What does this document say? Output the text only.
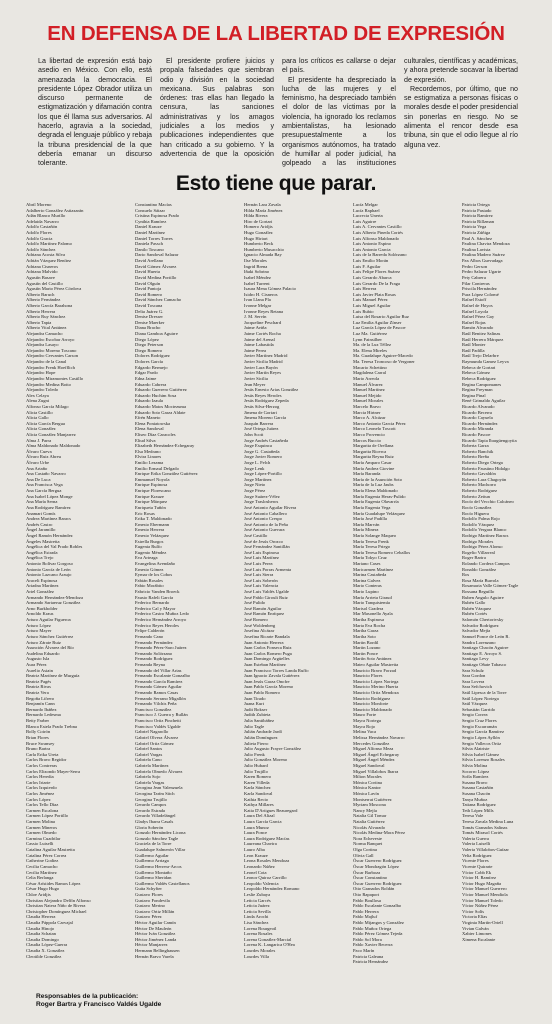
EN DEFENSA DE LA LIBERTAD DE EXPRESIÓN

La libertad de expresión está bajo asedio en México. Con ello, está amenazada la democracia. El presidente López Obrador utiliza un discurso permanente de estigmatización y difamación contra los que él llama sus adversarios. Al hacerlo, agravia a la sociedad, degrada el lenguaje público y rebaja la tribuna presidencial de la que debería emanar un discurso tolerante.

El presidente profiere juicios y propala falsedades que siembran odio y división en la sociedad mexicana. Sus palabras son órdenes: tras ellas han llegado la censura, las sanciones administrativas y los amagos judiciales a los medios y publicaciones independientes que han criticado a su gobierno. Y la advertencia de que la oposición para los críticos es callarse o dejar el país.

El presidente ha despreciado la lucha de las mujeres y el feminismo, ha despreciado también el dolor de las víctimas por la violencia, ha ignorado los reclamos ambientalistas, ha lesionado presupuestalmente a los organismos autónomos, ha tratado de humillar al poder judicial, ha golpeado a las instituciones culturales, científicas y académicas, y ahora pretende socavar la libertad de expresión.

Recordemos, por último, que no se estigmatiza a personas físicas o morales desde el poder presidencial sin ponerlas en riesgo. No se alimenta el rencor desde esa tribuna, sin que el odio llegue al río alguna vez.

Esto tiene que parar.
Abril Moreno
Adalberto González Astiazarán
Adán Blanco Murillo
Adelaida Navarro
Adolfo Castañón
Adolfo Flores
Adolfo Gracia
Adolfo Martínez Palomo
Adolfo Sánchez
Adriana Acosta Silva
Adrián Vázquez Benítez
Adriana Cisneros
Adriana Malvido
Agustín Basave
Agustín del Castillo
Agustín Mario Pérez Córdova
Alberto Baruch
Alberto Fernández
Alberto García Barahona
Alberto Herrera
Alberto Ruy Sánchez
Alberto Tapia
Alberto Vital Antúnez
Alejandra Camacho
Alejandro Escobar Arroyo
Alejandra Lasayo
Alejandro Moreno Toscano
Alejandro Cervantes Carson
Alejandro de la Canal
Alejandro Frenk Hoefflich
Alejandro Hope
Alejandro Miramontes Castillo
Alejandro Medina Botto
Alejandro Toledo
Alex Celaya
Alena Zugni
Alfonso García Milago
Alicia Castillo
Alicia Gallo
Alicia García Bergua
Alicia González
Alicia González Manjarrez
Alma J. Parra
Alma Maldonado Maldonado
Álvaro Cueva
Álvaro Ruiz Abreu
Álvaro Urbe
Ana Artaño
Ana Castaño Navarro
Ana De Luca
Ana Francisca Vega
Ana García Bergua
Ana Isabel López Monge
Ana María Serna
Ana Rodríguez Ramírez
Anamari Gomís
Andrea Martínez Baracs
Andrés Castro
Ángel Jaramillo
Ángel Ramón Hernández
Ángeles Mastretta
Angélica del Val Prado Robles
Angélica Estrada
Angélica Trejo
Antonio Bolívar Gorgoso
Antonio García de León
Antonio Lazcano Araujo
Araceli Espinosa
Ariadna Martínez
Ariel González
Armando Hernández-Mendoza
Armando Sartaeruz González
Arno Burkholder
Arnoldo Kraus
Arturo Aguilar Figueroa
Arturo López
Arturo Mayer
Arturo Sánchez Gutiérrez
Arturo Zárate Ruiz
Asunción Álvarez del Río
Audelina Eduardo
Augusto Isla
Aura Pérez
Aurelio Asiain
Beatriz Martínez de Murguía
Beatriz Pagés
Beatriz Rivas
Beatriz Vera
Begoña Lifrero
Benjamín Cann
Bernardo Ibáñez
Bernardo Ledesma
Betty Farber
Blanca Estela Prado Trebna
Bolly Coirón
Brian Flores
Bruce Swansey
Bruno Bartra
Carla Erika Ureta
Carlos Bravo Regidor
Carlos Contreras
Carlos Elizondo Mayer-Serra
Carlos Heredia
Carlos Iriarte
Carlos Izquierdo
Carlos Jiménez
Carlos López
Carlos Tello Díaz
Carmen Escalona
Carmen López Portillo
Carmen Molina
Carmen Mineros
Carmen Olmedo
Carmina Cuadrilar
Cassio Luiselli
Catalina Aguilar Mastretta
Catalina Pérez Correa
Catherine Godiez
Cecilia Camacho
Cecilia Martínez
Celia Berlanga
César Arístides Ramos López
César Hugo Hugo
Chloe Aridjis
Christian Alejandro Delfín Alfonso
Christian Natera Niño de Rivera
Christopher Domínguez Michael
Claudia Herrera
Claudia Páppola Carvajal
Claudia Hinojo
Claudia Schatan
Claudia Domingo
Claudia López-Guerra
Claudia X. González
Cleotilde González
Constantino Macías
Consuelo Sáizar
Cristina Espinosa Prado
Cynthia Ramírez
Daniel Krauze
Daniel Martínez
Daniel Torres Torres
Daniela Passch
Danilo Toscano
Dario Sandoval Salazar
David Arellano
David Gómez Álvarez
David Huerta
David Medina Portillo
David Olguín
David Pantoja
David Romero
David Sánchez Camacho
David Toscana
Delia Juárez G.
Denise Dresser
Denise Maerker
Diana Bracho
Diana Gamboa Aguirre
Diego López
Diego Peterson
Diego Romero
Dolores Rodríguez
Dolores García
Edgardo Bermejo
Edgar Pardo
Edna Jaime
Eduardo Cabrera
Eduardo Guerrero Gutiérrez
Eduardo Huchim Sosa
Eduardo Izaula
Eduardo Matos Moctezuma
Eduardo Soto Garza Aldate
Efrén Maneto
Elena Poniatowska
Elena Sandoval
Eliseo Díaz Caracoles
Eliud Silva
Elizabeth Hernández-Echegaray
Elsa Medrano
Elvira Linares
Emilio Lezama
Emilio Ermaul Delgado
Enrique Erika González Gutiérrez
Emmanuel Noyola
Enrique Espinosa
Enrique Florescano
Enrique Krauze
Enrique Márquez
Enriqueta Tuñón
Eric Rosas
Erika T. Maldonado
Ernesto Ebermann
Ernesto Herrera
Ernesto Velázquez
Estrella Burgos
Eugenia Rulfo
Eugenio Méndez
Eva Arteaga
Evangelina Avendaño
Ernesto Gómez
Eymar de los Cobos
Fabián Rosales
Fabio Morábito
Fabricio Vanden Broeck
Fausto Rafeli García
Federico Bernardo
Federico Cal y Mayor
Federico Castro Muñoz Ledo
Federico Hernández Arroyo
Federico Reyes Heroles
Felipe Calderón
Fernando Cano
Fernando Fernández
Fernando Pérez-Saro Juárez
Fernando Solórzano
Fernando Rodríguez
Fernanda Reyna
Fernando del Villar Arias
Fernando Escalante Gonzalbo
Fernando García Ramírez
Fernando Gómez Aguilar
Fernando Ramos Casas
Fernando Serrano Migallón
Fernando Vilchis Peña
Francisco González
Francisco J. Guerra y Rullán
Francisco Ortiz Pinchetti
Francisco Valdés Ugalde
Gabriel Nagarollo
Gabriel Olvera Álvarez
Gabriel Ortiz Gómez
Gabriel Santos
Gabriel Vargas
Gabriela Cano
Gabriela Martínez
Gabriela Olmedo Álvarez
Gabriela Sojo
Gabriela Vargas
Georgina Jean Valenzuela
Georgina Tarím Sitch
Georgina Trujillo
Gerardo Campos
Gerardo Estrada
Gerardo Villadelángel
Gladys Ibarra Casals
Gloria Soberón
Gonzalo Hernández Licona
Gonzalo Sánchez Tagle
Graciela de la Torre
Guadalupe Salmerón Villar
Guillermo Aguilar
Guillermo Arriaga
Guillermo Herrera-Arcos
Guillermo Montaño
Guillermo Sheridan
Guillermo Valdés Castellanos
Guita Schyfter
Gustavo Flores
Gustavo Fondevila
Gustavo Merino
Gustavo Ortiz Millán
Gustavo Pérez
Héctor Aguilar Camín
Héctor De Mauleón
Héctor Iván González
Héctor Jiménez Landa
Héctor Manjarrez
Hermann Bellinghausen
Hernán Bravo Varela
Hernán Lara Zavala
Hilda María Jiménez
Hilda Rivera
Hiro de Gortari
Homero Aridjis
Hugo González
Hugo Hiriart
Humberto Beck
Humberto Musacchio
Ignacio Almada Bay
Ilse Morales
Ingrid Brena
Iñaki Sobrino
Isabel Méndez
Isabel Turrent
Isaura Mena Gómez Palacio
Isidro H. Cisneros
Ivan Llana Pla
Ivonne Melgar
Ivonne Reyes Retana
J. M. Servín
Jacqueline Peschard
Jaime Aviña
Jaime Cortés Rocha
Jaime del Arenal
Jaime Labastida
Jaime Perea
Javier Martínez Madrid
Javier Sicilia Madrid
Javier Lara Bayón
Javier Martín Reyes
Javier Sicilia
Jean Meyer
Jesús Ernesto Arias González
Jesús Reyes Heroles
Jesús Rodríguez Zepeda
Jesús Silva-Herzog
Jimena de Gortari
Jimena Moreno García
Joaquín Barrera
José Ortega Juárez
John Scott
Jorge Andrés Castañeda
Jorge Esquinca
Jorge G. Castañeda
Jorge Javier Romero
Jorge L. Felch
Jorge Lenk
Jorge López-Portillo
Jorge Martínez
Jorge Nieto
Jorge Pérez
Jorge Suárez-Vélez
Jorge Traslosheros
José Antonio Aguilar Rivera
José Antonio Caballero
José Antonio Crespo
José Antonio de la Peña
José Antonio Guevara
José Castillo
José de Jesús Orozco
José Fernández Santillán
José Luis Espinosa
José Luis Martínez
José Luis Perea
José Luis Porras Armenta
José Luis Sierra
José Luis Soberón
José Luis Valencia
José Luis Valdés Ugalde
José Pablo Giroult Ruiz
José Pulido
José Ramón Aguilar
José Ramón Enríquez
José Romero
José Woldenberg
Josefina Alcázar
Josefina Ricarte Bandala
Juan Antonio Herrera
Juan Carlos Fonseca Ruiz
Juan Carlos Romero Puga
Juan Domingo Argüelles
Juan Esteban Martínez
Juan Francisco Torres Landa Ruffo
Juan Ignacio Zavala Gutiérrez
Juan Jesús Garza Onofre
Juan Pablo García Moreno
Juan Pablo Romero
Juan Tirado
Juana Kurt
Judit Bokser
Judith Zubieta
Julia Santibáñez
Julio Tagle
Julián Andrade Jardí
Julián Domínguez
Julieta Fierro
Julio Augusto Frayre González
Julio Frenk
Julio González Moreno
Julio Hubard
Julio Trujillo
Karen Romero
Karen Villeda
Karla Sánchez
Karla Sandoval
Kathia Recio
Kathya Millares
Katia D'Artigues Beauregard
Laura Del Alizal
Laura García Garcia
Laura Munoz
Laura Ponce
Laura Rodríguez Macías
Laureana Chavira
Lauro Alba
Leon Krauze
Leona Rosales Mendoza
Leonardo Núñez
Leonel Cota
Leonor Quiroz Carrillo
Leopoldo Valencia
Leopoldo Hernández Romano
Leslie Zubaya
Leticia Garcés
Leticia Juárez
Leticia Sevilla
Linda Arochi
Lisa Sánchez
Lorena Bourgeoil
Lorena Rosales
Lorena González-Marcial
Lorena K. Langarica O'Hea
Lourdes Morales
Lourdes Villa
Lucía Melgar
Lucía Raphael
Lucrecia Unerta
Luis Aguirre
Luis A. Cervantes Castillo
Luis Alberto Pineda Cortés
Luis Alfonso Maldonado
Luis Antonio Espino
Luis Antonio Garcia
Luis de la Barreda Solórzano
Luis Emilio Morán
Luis F. Aguilar
Luis Felipe Flores Suárez
Luis Gerardo Abarca
Luis Gerardo De la Fraga
Luis Herrera
Luis Javier Plata Rosas
Luis Manuel Pérez
Luis Miguel Aguilar
Luis Rubio
Luisa del Rosario Aguilar Ruz
Luz Emilia Aguilar Zínser
Luz García López de Pascoe
Luz Ma. Gutiérrez
Lynn Fainsilber
Ma. de la Luz Téllez
Ma. Elena Mireles
Ma. Guadalupe Aguirre-Macedo
Ma. Teresa Troncoso de Vergoner
Macario Schettino
Magdalena Carral
Mario Arreola
Manuel Álvarez
Manuel Martínez
Manuel Mejido
Manuel Morales
Marcelo Bravo
Marcia Hirtner
Marco A. Alcázar
Marco Antonio Garcia Pérez
Marco Leonelo Toscott
Marco Provencio
Marcos Buccio
Margarita de Orellana
Margarita Ricerca
Margarita Reyna Ruiz
María Amparo Casar
María Andrea Giovine
María Baranda
María de la Asunción Soto
María de la Luz Jaubs
María Elena Maldonado
María Eugenia Heras-Pulido
María Eugenia Olavarría
María Eugenia Vega
María Guadalupe Velázquez
María José Padilla
María Marván
María Minera
María Solange Maqueo
María Teresa Frenk
María Teresa Priego
María Teresa Romero Ceballos
María Tokyo Cruz
Mariano Cases
Maricarmen Martínez
Marina Castañeda
Marina Galvez
Mario Conteras
Mario Lupino
María Arrieta Giraud
Mario Tanquistemía
Marisol Gradera
Mar Masonello Ayala
Martha Espinosa
Marta Eva Rocha
Martha Garza
Martha Soto
Martin Bordil
Martin Lozano
Martin Ponce
Martín Soto Antúnez
Mateo Aguilar Mastretta
Mauricio Bravo Forzad
Mauricio Flores
Mauricio López Noriega
Mauricio Merino Huerta
Mauricio Ortiz Mendoza
Mauricio Rodríguez
Mauricio Monforte
Mauricio Maldonado
Mauro Forte
Mayra Noriega
Mayra Rojo
Melina Vaca
Melissa Hernández Navarro
Mercedes González
Miguel Alfonso Meza
Miguel Ángel Echegaray
Miguel Ángel Méndez
Miguel Sandoval
Miguel Villalobos Ibarra
Milton Morales
Mónica Cortina
Mónica Kantor
Mónica Lavín
Montserrat Gutiérrez
Myriam Moscona
Nancy Mejía
Natalia Gil Tomar
Natalia Gutiérrez
Nicolás Alvarado
Nicolás Medina-Mora Pérez
Nora Echeveste
Norma Banquet
Olga Cortina
Olivia Gall
Óscar Guerrero Rodríguez
Óscar Mondragón López
Óscar Barboza
Óscar Constantino
Óscar Guerrero Rodríguez
Otto Granados Roldán
Otto Rapaport
Pablo Boullosa
Pablo Escalante Gonzalbo
Pablo Herrera
Pablo Majluf
Pablo Mijangos y González
Pablo Muñoz Ortega
Pablo Pérez Gómez Tejeda
Pablo Sol Mora
Pablo Xavier Becerra
Paco Marín
Patricia Galeana
Patricia Hernández
Patricia Ortega
Patricia Pastado
Patricia Ramírez
Patricia Rillzman
Patricia Vega
Patricia Zúñiga
Paul A. Sánchez
Paulina Chavira Mendoza
Paulina Lavista
Paulina Madero Suárez
Pax Albos Guevadaga
Pedro Gerson
Pedro Salazar Ugarte
Pety Cabrera
Pilar Contreras
Priscila Hernández
Pura López Colomé
Rafael Estoff
Rafael de Hoyos
Rafael Loyola
Rafael Pérez Gay
Rafael Rojas
Ramón Alvarado
Raúl Benitez Salinas
Raúl Herrera Márquez
Raúl Monter
Raúl Padilla
Raúl Trejo Delarbre
Raymunda Gamez Leyva
Rebeca de Gortari
Rebeca Gómez
Rebeca Rodríguez
Regina Campomanes
Regina Freyman
Regina Pinal
René Grimaldo Aguilar
Ricardo Alvarado
Ricardo Becerra
Ricardo Cayuela
Ricardo Hernández
Ricardo Miranda
Ricardo Pascoe
Ricardo Tapia Ibargüengoytia
Roberta Garza
Roberto Banchik
Roberto Breña
Roberto Diego Ortega
Roberto Faustino Hidalgo
Roberto Gavaldón
Roberto Lara Chagoyán
Roberto Machorro
Roberto Rodríguez
Roberto Zeitun
Rocío del Vecchio Calcáneo
Rocío González
Rocío Higuera
Rodolfo Palma Rojo
Rodolfo Vázquez
Rodolfo Vergara Blanco
Rodrigo Martínez Baracs
Rodrigo Morales
Rodrigo Pérez Alonso
Rogelio Villarreal
Roger Bartra
Rolando Cordera Campos
Ronaldo González
Ros
Rosa María Burrola
Rosamaria Valle Gómez-Tagle
Rossana Reguillo
Ruben Angulo Aguirre
Rubén Gallo
Rubén Vázquez
Rubén Cortés
Salomón Chertorivsky
Salvador Rodríguez
Salvador Mejía
Samuel Ponce de León R.
Sandra Lorenzano
Santiago Chacón Aguirre
Santiago E. Arroyo S.
Santiago Levy
Santiago Oñate Tabasco
Sara Schulz
Sara Gordon
Sara Lovera
Sara Sefchovich
Saúl Lipesca de la Torre
Saúl López Noriega
Saúl Vázquez
Sebastián Garrido
Sergio Correa
Sergio Cruz Flores
Sergio Escarramán
Sergio García Ramírez
Sergio López Ayllón
Sergio Vallecos Ortiz
Silvia Alatriste
Silvia Isabel Gámez
Silvia Lorenzo Rosales
Silvia Molina
Socorro López
Sofía Ramírez
Susana Bravo
Susana Castañón
Susana Chacón
Tanya Muñoz
Tatiana Rodríguez
Teth López Mills
Teresa Vale
Teresa Zavala Medina Luna
Tomás Granados Salinas
Tomás Mirasol Cortés
Valeria Guerra
Valeria Luiselli
Valeria Villalobos-Guízar
Velia Rodríguez
Vicente Flores
Vicente Quirarte
Víctor Cobb Ek
Víctor H. Ramírez
Víctor Hugo Magaña
Víctor Manuel Guerrero
Víctor Manuel Mendiola
Víctor Manuel Toledo
Víctor Núñez Pérez
Víctor Solís
Victoria Elías
Virginia Martín-Ortell
Vivian Galván
Xabier Limones
Ximena Escalante
Responsables de la publicación:
Roger Bartra y Francisco Valdés Ugalde
